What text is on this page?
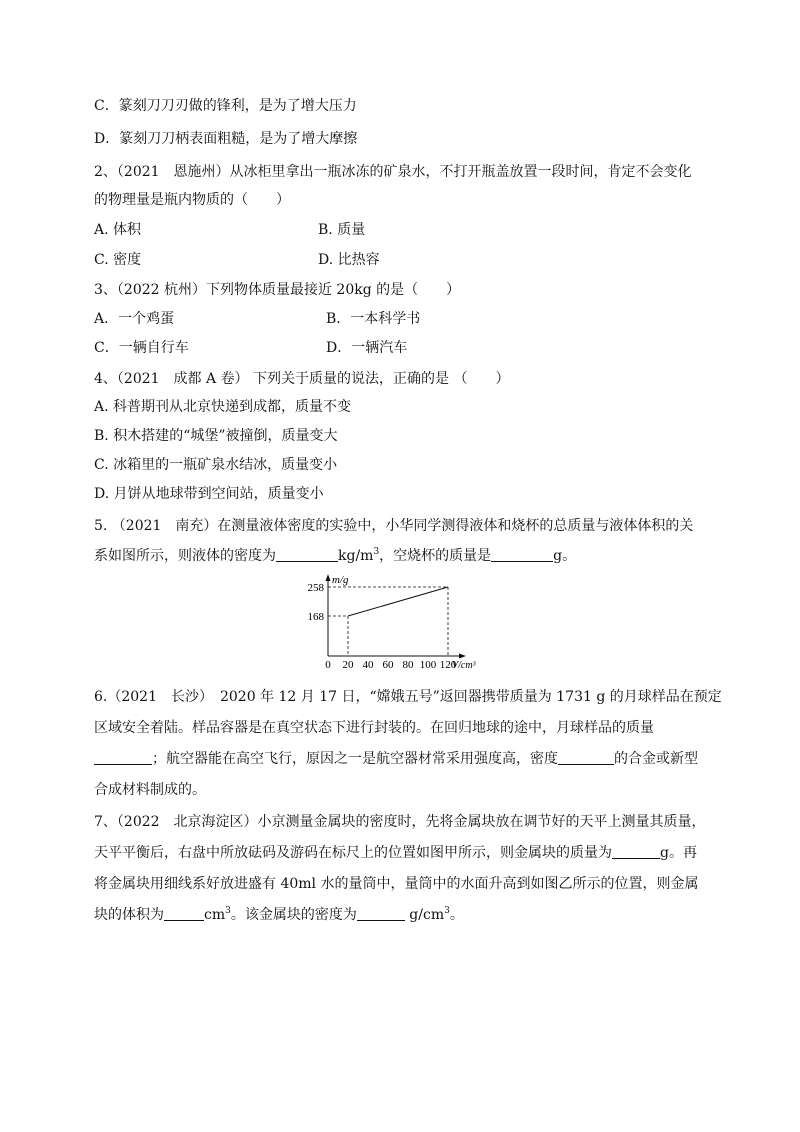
C．篆刻刀刀刃做的锋利，是为了增大压力
D．篆刻刀刀柄表面粗糙，是为了增大摩擦
2、（2021　恩施州）从冰柜里拿出一瓶冰冻的矿泉水，不打开瓶盖放置一段时间，肯定不会变化
的物理量是瓶内物质的（　　）
A. 体积	B. 质量
C. 密度	D. 比热容
3、（2022 杭州）下列物体质量最接近 20kg 的是（　　）
A．一个鸡蛋	B．一本科学书
C．一辆自行车	D．一辆汽车
4、（2021　成都 A 卷） 下列关于质量的说法，正确的是 （　　）
A. 科普期刊从北京快递到成都，质量不变
B. 积木搭建的“城堡”被撞倒，质量变大
C. 冰箱里的一瓶矿泉水结冰，质量变小
D. 月饼从地球带到空间站，质量变小
5. （2021　南充）在测量液体密度的实验中，小华同学测得液体和烧杯的总质量与液体体积的关
系如图所示，则液体的密度为	$kg/m^3$，空烧杯的质量是	g。
m/g
V/cm³
0 20 40 60 80 100 120
168
258
6.（2021　长沙）　2020 年 12 月 17 日，“嫦娥五号”返回器携带质量为 1731 g 的月球样品在预定
区域安全着陆。样品容器是在真空状态下进行封装的。在回归地球的途中，月球样品的质量
；航空器能在高空飞行，原因之一是航空器材常采用强度高，密度	的合金或新型
合成材料制成的。
7、（2022　北京海淀区）小京测量金属块的密度时，先将金属块放在调节好的天平上测量其质量，
天平平衡后，右盘中所放砝码及游码在标尺上的位置如图甲所示，则金属块的质量为	g。再
将金属块用细线系好放进盛有 40ml 水的量筒中，量筒中的水面升高到如图乙所示的位置，则金属
块的体积为	$cm^3$。该金属块的密度为	$g/cm^3$。
